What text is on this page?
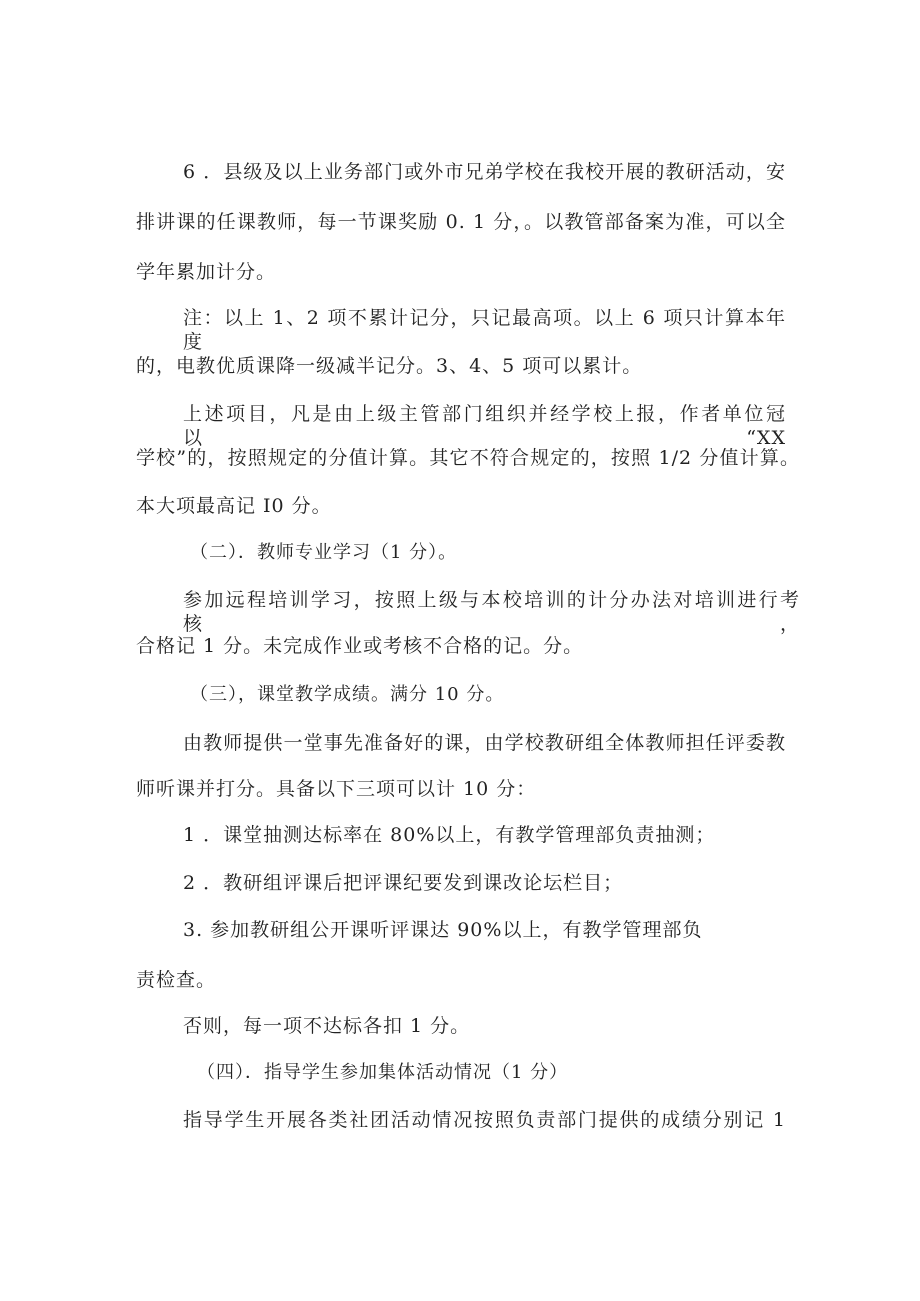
6 ．县级及以上业务部门或外市兄弟学校在我校开展的教研活动，安
排讲课的任课教师，每一节课奖励 0. 1 分，。以教管部备案为准，可以全
学年累加计分。
注：以上 1、2 项不累计记分，只记最高项。以上 6 项只计算本年度
的，电教优质课降一级减半记分。3、4、5 项可以累计。
上述项目，凡是由上级主管部门组织并经学校上报，作者单位冠以“XX
学校”的，按照规定的分值计算。其它不符合规定的，按照 1/2 分值计算。
本大项最高记 I0 分。
（二）．教师专业学习（1 分）。
参加远程培训学习，按照上级与本校培训的计分办法对培训进行考核，
合格记 1 分。未完成作业或考核不合格的记。分。
（三），课堂教学成绩。满分 10 分。
由教师提供一堂事先准备好的课，由学校教研组全体教师担任评委教
师听课并打分。具备以下三项可以计 10 分：
1 ．课堂抽测达标率在 80%以上，有教学管理部负责抽测；
2 ．教研组评课后把评课纪要发到课改论坛栏目；
3. 参加教研组公开课听评课达 90%以上，有教学管理部负
责检查。
否则，每一项不达标各扣 1 分。
（四）．指导学生参加集体活动情况（1 分）
指导学生开展各类社团活动情况按照负责部门提供的成绩分别记 1
